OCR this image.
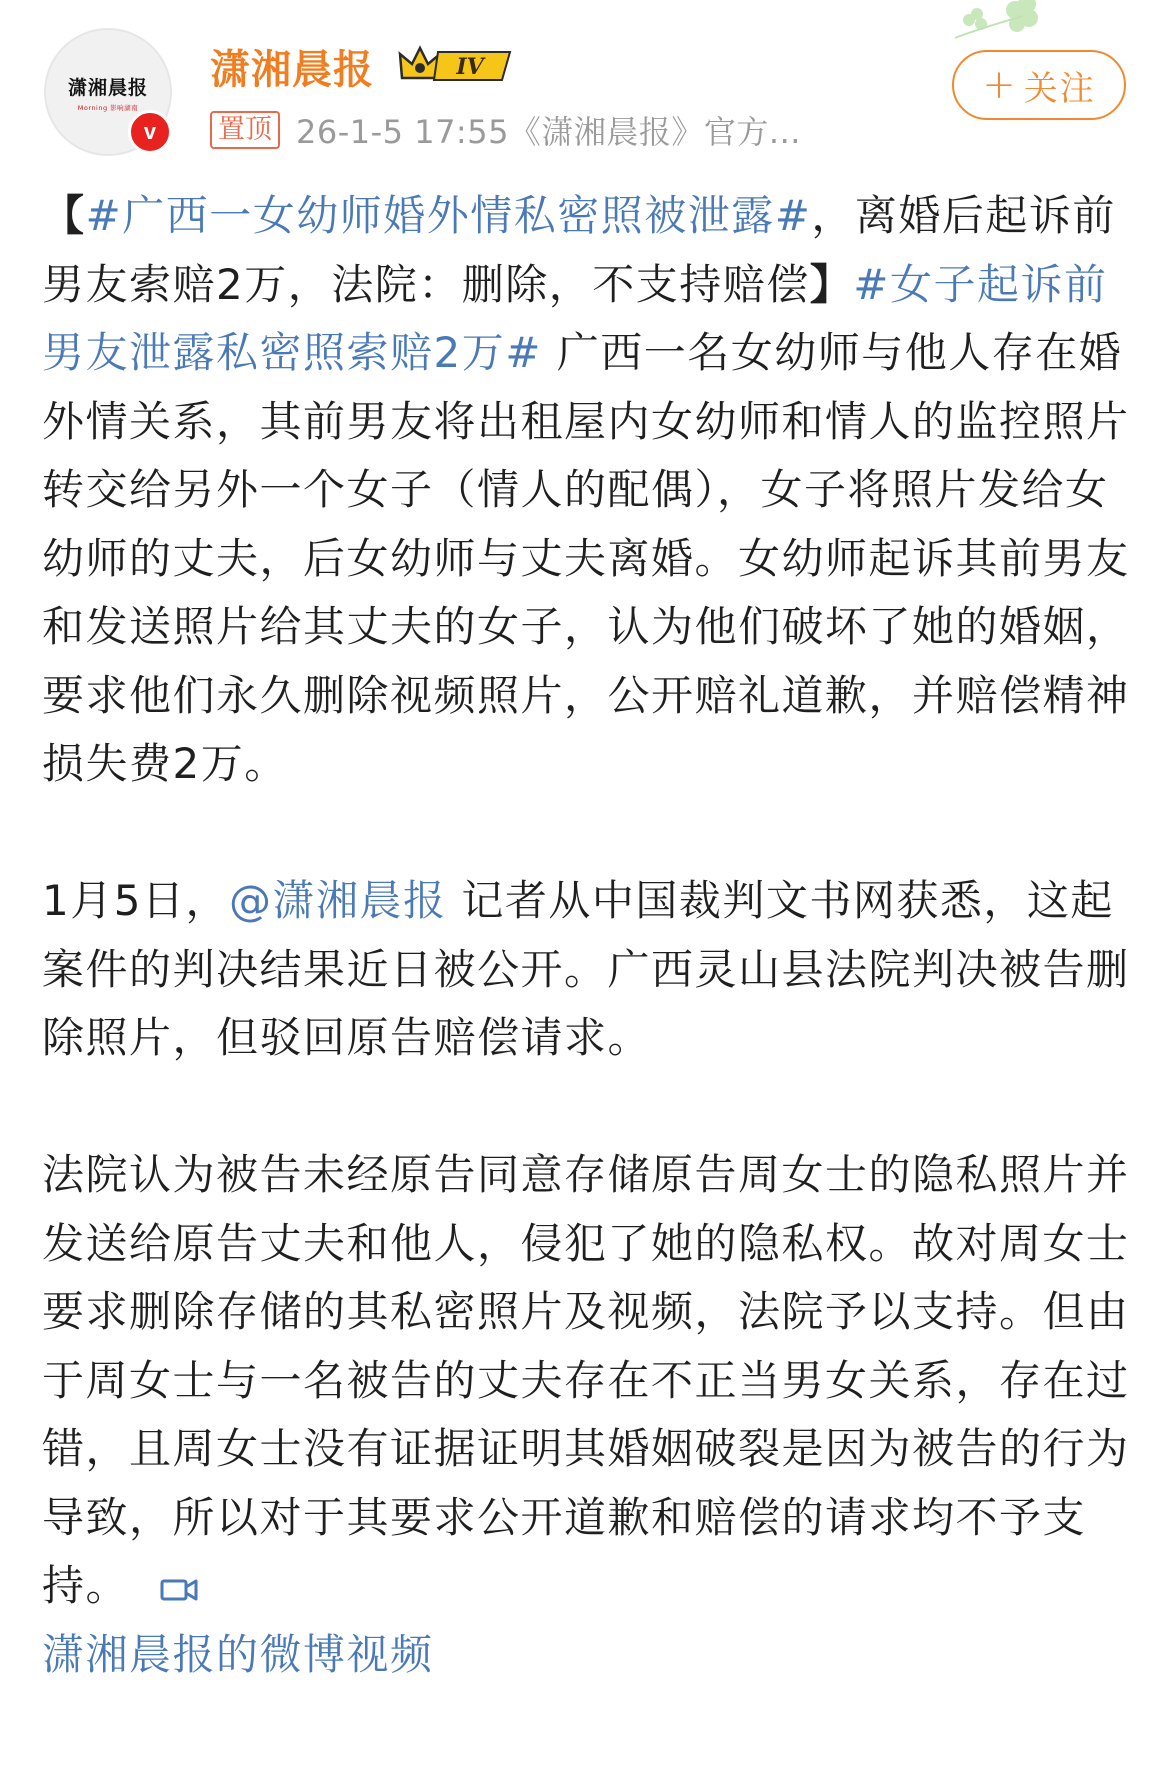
潇湘晨报
Morning 影响湖南
v
潇湘晨报	IV
置顶 26-1-5 17:55《潇湘晨报》官方...
+ 关注

【#广西一女幼师婚外情私密照被泄露#，离婚后起诉前男友索赔2万，法院：删除，不支持赔偿】#女子起诉前男友泄露私密照索赔2万# 广西一名女幼师与他人存在婚外情关系，其前男友将出租屋内女幼师和情人的监控照片转交给另外一个女子（情人的配偶），女子将照片发给女幼师的丈夫，后女幼师与丈夫离婚。女幼师起诉其前男友和发送照片给其丈夫的女子，认为他们破坏了她的婚姻，要求他们永久删除视频照片，公开赔礼道歉，并赔偿精神损失费2万。

1月5日，@潇湘晨报 记者从中国裁判文书网获悉，这起案件的判决结果近日被公开。广西灵山县法院判决被告删除照片，但驳回原告赔偿请求。

法院认为被告未经原告同意存储原告周女士的隐私照片并发送给原告丈夫和他人，侵犯了她的隐私权。故对周女士要求删除存储的其私密照片及视频，法院予以支持。但由于周女士与一名被告的丈夫存在不正当男女关系，存在过错，且周女士没有证据证明其婚姻破裂是因为被告的行为导致，所以对于其要求公开道歉和赔偿的请求均不予支持。
潇湘晨报的微博视频
